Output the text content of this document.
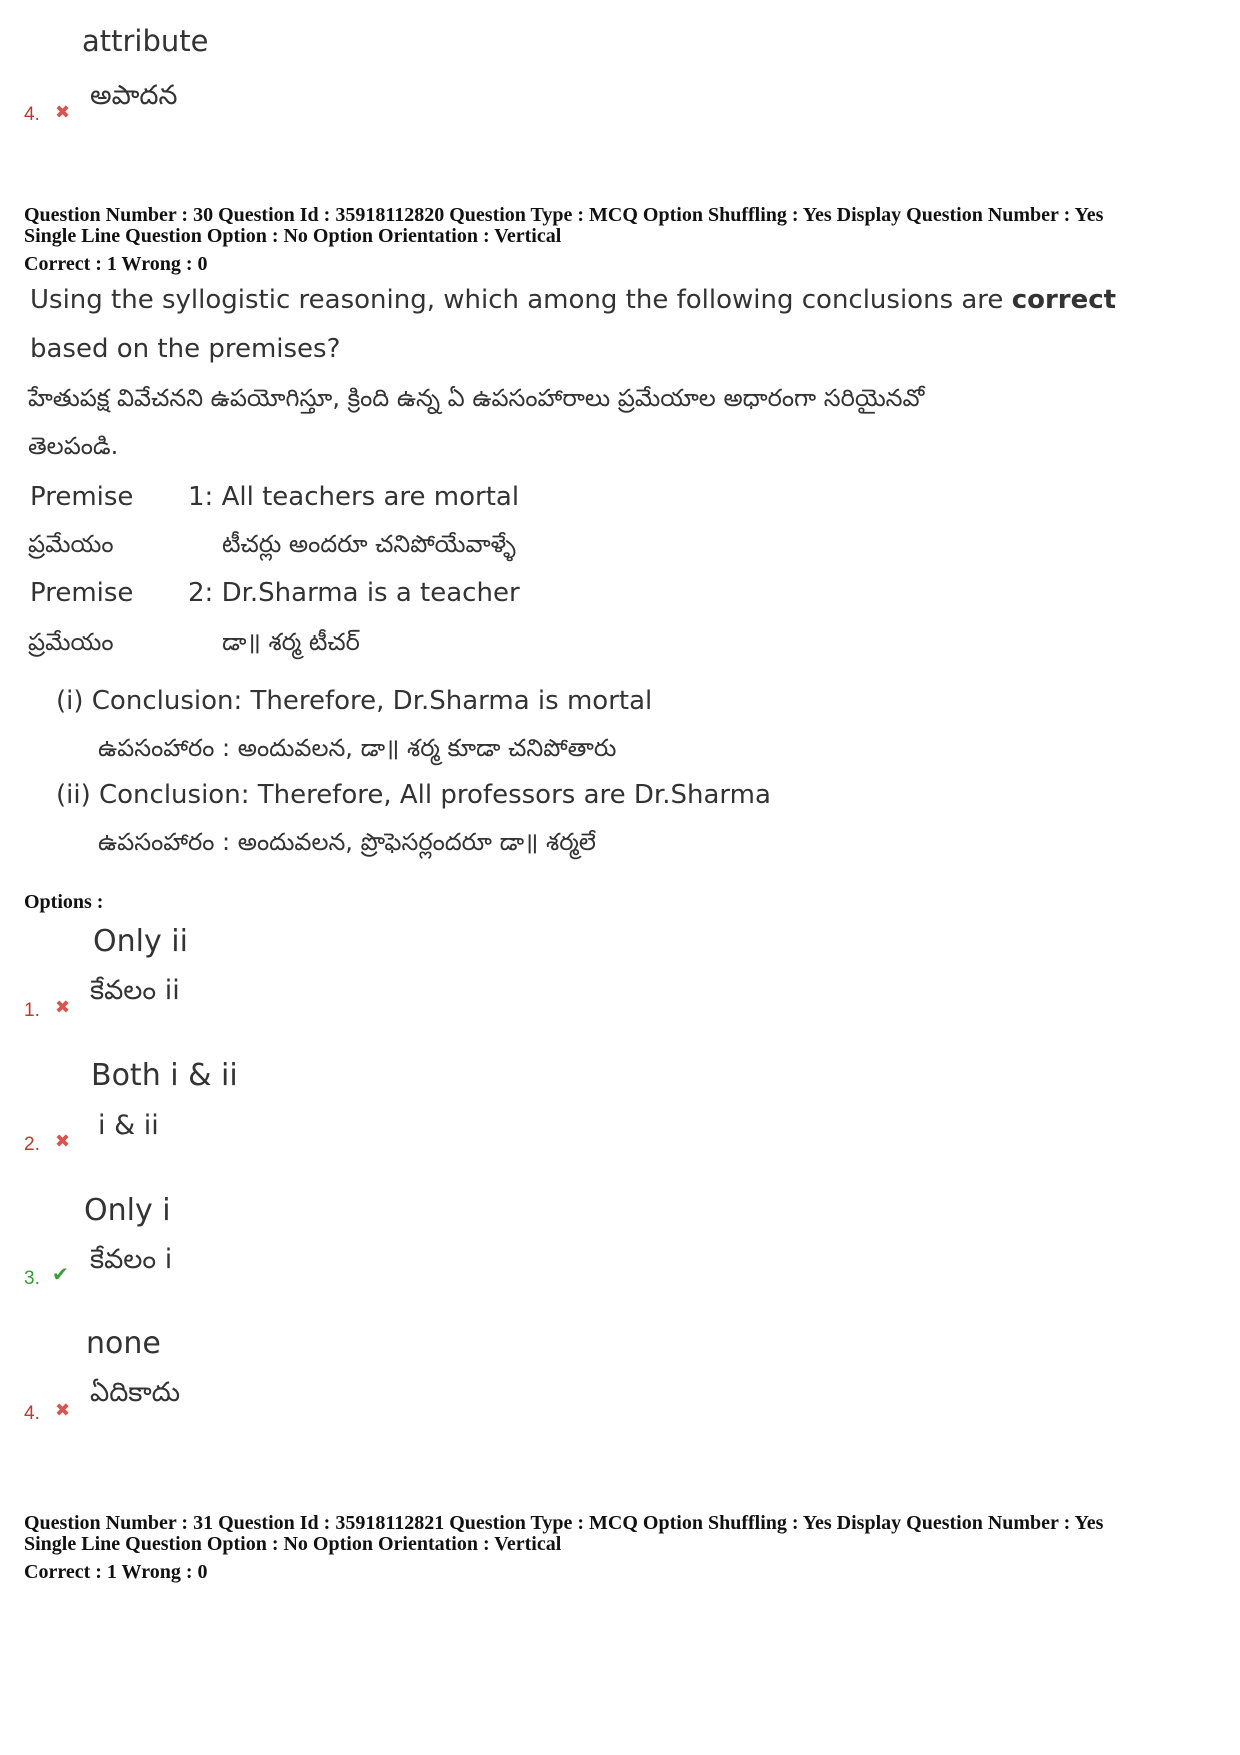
attribute
4. ✖
అపాదన
Question Number : 30 Question Id : 35918112820 Question Type : MCQ Option Shuffling : Yes Display Question Number : Yes
Single Line Question Option : No Option Orientation : Vertical
Correct : 1 Wrong : 0
Using the syllogistic reasoning, which among the following conclusions are correct
based on the premises?
హేతుపక్ష వివేచనని ఉపయోగిస్తూ, క్రింది ఉన్న ఏ ఉపసంహారాలు ప్రమేయాల అధారంగా సరియైనవో
తెలపండి.
Premise 1: All teachers are mortal
ప్రమేయం	టీచర్లు అందరూ చనిపోయేవాళ్ళే
Premise 2: Dr.Sharma is a teacher
ప్రమేయం	డా॥ శర్మ టీచర్
(i) Conclusion: Therefore, Dr.Sharma is mortal
ఉపసంహారం : అందువలన, డా॥ శర్మ కూడా చనిపోతారు
(ii) Conclusion: Therefore, All professors are Dr.Sharma
ఉపసంహారం : అందువలన, ప్రొఫెసర్లందరూ డా॥ శర్మలే
Options :
Only ii
1. ✖
కేవలం ii
Both i & ii
2. ✖ i & ii
Only i
3. ✔ కేవలం i
none
4. ✖
ఏదికాదు
Question Number : 31 Question Id : 35918112821 Question Type : MCQ Option Shuffling : Yes Display Question Number : Yes
Single Line Question Option : No Option Orientation : Vertical
Correct : 1 Wrong : 0
